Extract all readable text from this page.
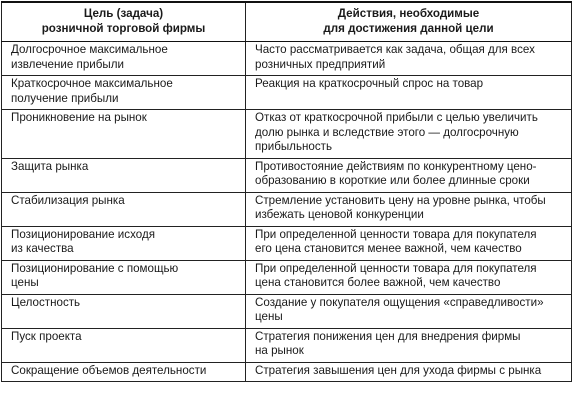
Цель (задача)
розничной торговой фирмы	Действия, необходимые
для достижения данной цели

Долгосрочное максимальное
извлечение прибыли	Часто рассматривается как задача, общая для всех
розничных предприятий

Краткосрочное максимальное
получение прибыли	Реакция на краткосрочный спрос на товар

Проникновение на рынок	Отказ от краткосрочной прибыли с целью увеличить
долю рынка и вследствие этого — долгосрочную
прибыльность

Защита рынка	Противостояние действиям по конкурентному цено-
образованию в короткие или более длинные сроки

Стабилизация рынка	Стремление установить цену на уровне рынка, чтобы
избежать ценовой конкуренции

Позиционирование исходя
из качества	При определенной ценности товара для покупателя
его цена становится менее важной, чем качество

Позиционирование с помощью
цены	При определенной ценности товара для покупателя
цена становится более важной, чем качество

Целостность	Создание у покупателя ощущения «справедливости»
цены

Пуск проекта	Стратегия понижения цен для внедрения фирмы
на рынок

Сокращение объемов деятельности	Стратегия завышения цен для ухода фирмы с рынка
